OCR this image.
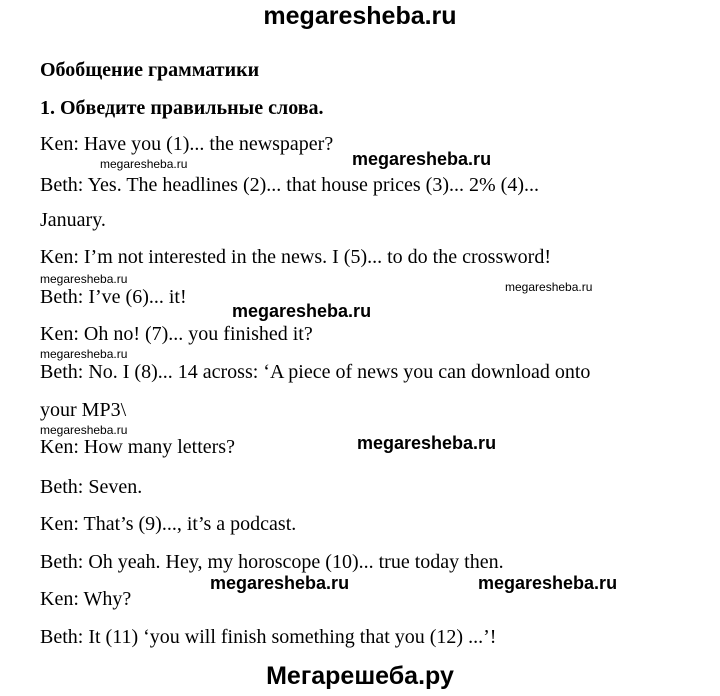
megaresheba.ru
Обобщение грамматики
1. Обведите правильные слова.
Ken: Have you (1)... the newspaper?
Beth: Yes. The headlines (2)... that house prices (3)... 2% (4)...
January.
Ken: I’m not interested in the news. I (5)... to do the crossword!
Beth: I’ve (6)... it!
Ken: Oh no! (7)... you finished it?
Beth: No. I (8)... 14 across: ‘A piece of news you can download onto
your MP3\
Ken: How many letters?
Beth: Seven.
Ken: That’s (9)..., it’s a podcast.
Beth: Oh yeah. Hey, my horoscope (10)... true today then.
Ken: Why?
Beth: It (11) ‘you will finish something that you (12) ...’!
megaresheba.ru	megaresheba.ru
megaresheba.ru
megaresheba.ru
megaresheba.ru
megaresheba.ru
megaresheba.ru
megaresheba.ru
megaresheba.ru	megaresheba.ru
Мегарешеба.ру
